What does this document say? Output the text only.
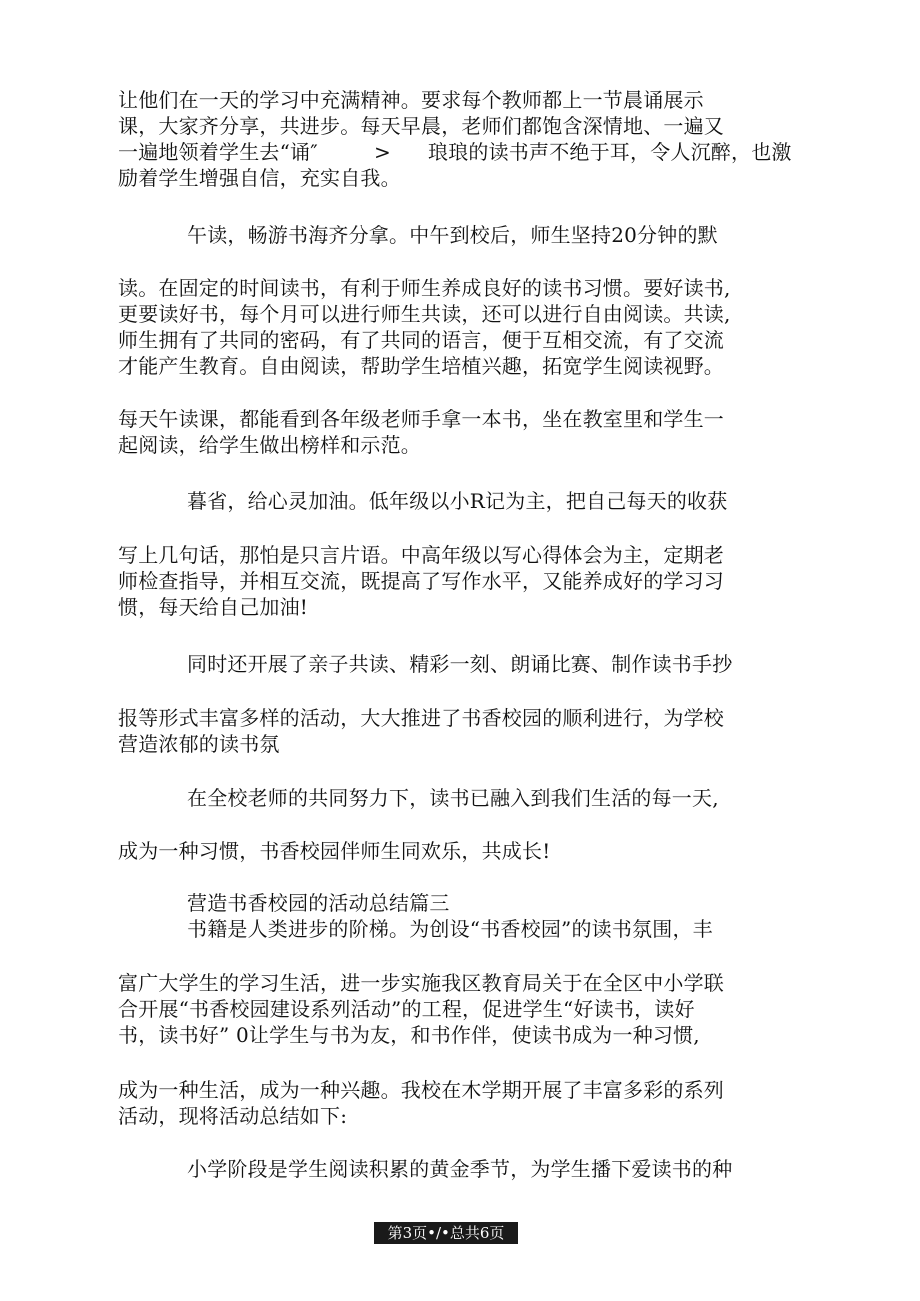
让他们在一天的学习中充满精神。要求每个教师都上一节晨诵展示
课，大家齐分享，共进步。每天早晨，老师们都饱含深情地、一遍又
一遍地领着学生去“诵″	> 琅琅的读书声不绝于耳，令人沉醉，也激
励着学生增强自信，充实自我。
午读，畅游书海齐分拿。中午到校后，师生坚持20分钟的默
读。在固定的时间读书，有利于师生养成良好的读书习惯。要好读书,
更要读好书，每个月可以进行师生共读，还可以进行自由阅读。共读,
师生拥有了共同的密码，有了共同的语言，便于互相交流，有了交流
才能产生教育。自由阅读，帮助学生培植兴趣，拓宽学生阅读视野。
每天午读课，都能看到各年级老师手拿一本书，坐在教室里和学生一
起阅读，给学生做出榜样和示范。
暮省，给心灵加油。低年级以小R记为主，把自己每天的收获
写上几句话，那怕是只言片语。中高年级以写心得体会为主，定期老
师检查指导，并相互交流，既提高了写作水平，又能养成好的学习习
惯，每天给自己加油!
同时还开展了亲子共读、精彩一刻、朗诵比赛、制作读书手抄
报等形式丰富多样的活动，大大推进了书香校园的顺利进行，为学校
营造浓郁的读书氛
在全校老师的共同努力下，读书已融入到我们生活的每一天,
成为一种习惯，书香校园伴师生同欢乐，共成长!
营造书香校园的活动总结篇三
书籍是人类进步的阶梯。为创设“书香校园”的读书氛围，丰
富广大学生的学习生活，进一步实施我区教育局关于在全区中小学联
合开展“书香校园建设系列活动”的工程，促进学生“好读书，读好
书，读书好” 0让学生与书为友，和书作伴，使读书成为一种习惯,
成为一种生活，成为一种兴趣。我校在木学期开展了丰富多彩的系列
活动，现将活动总结如下:
小学阶段是学生阅读积累的黄金季节，为学生播下爱读书的种
第3页•/•总共6页
